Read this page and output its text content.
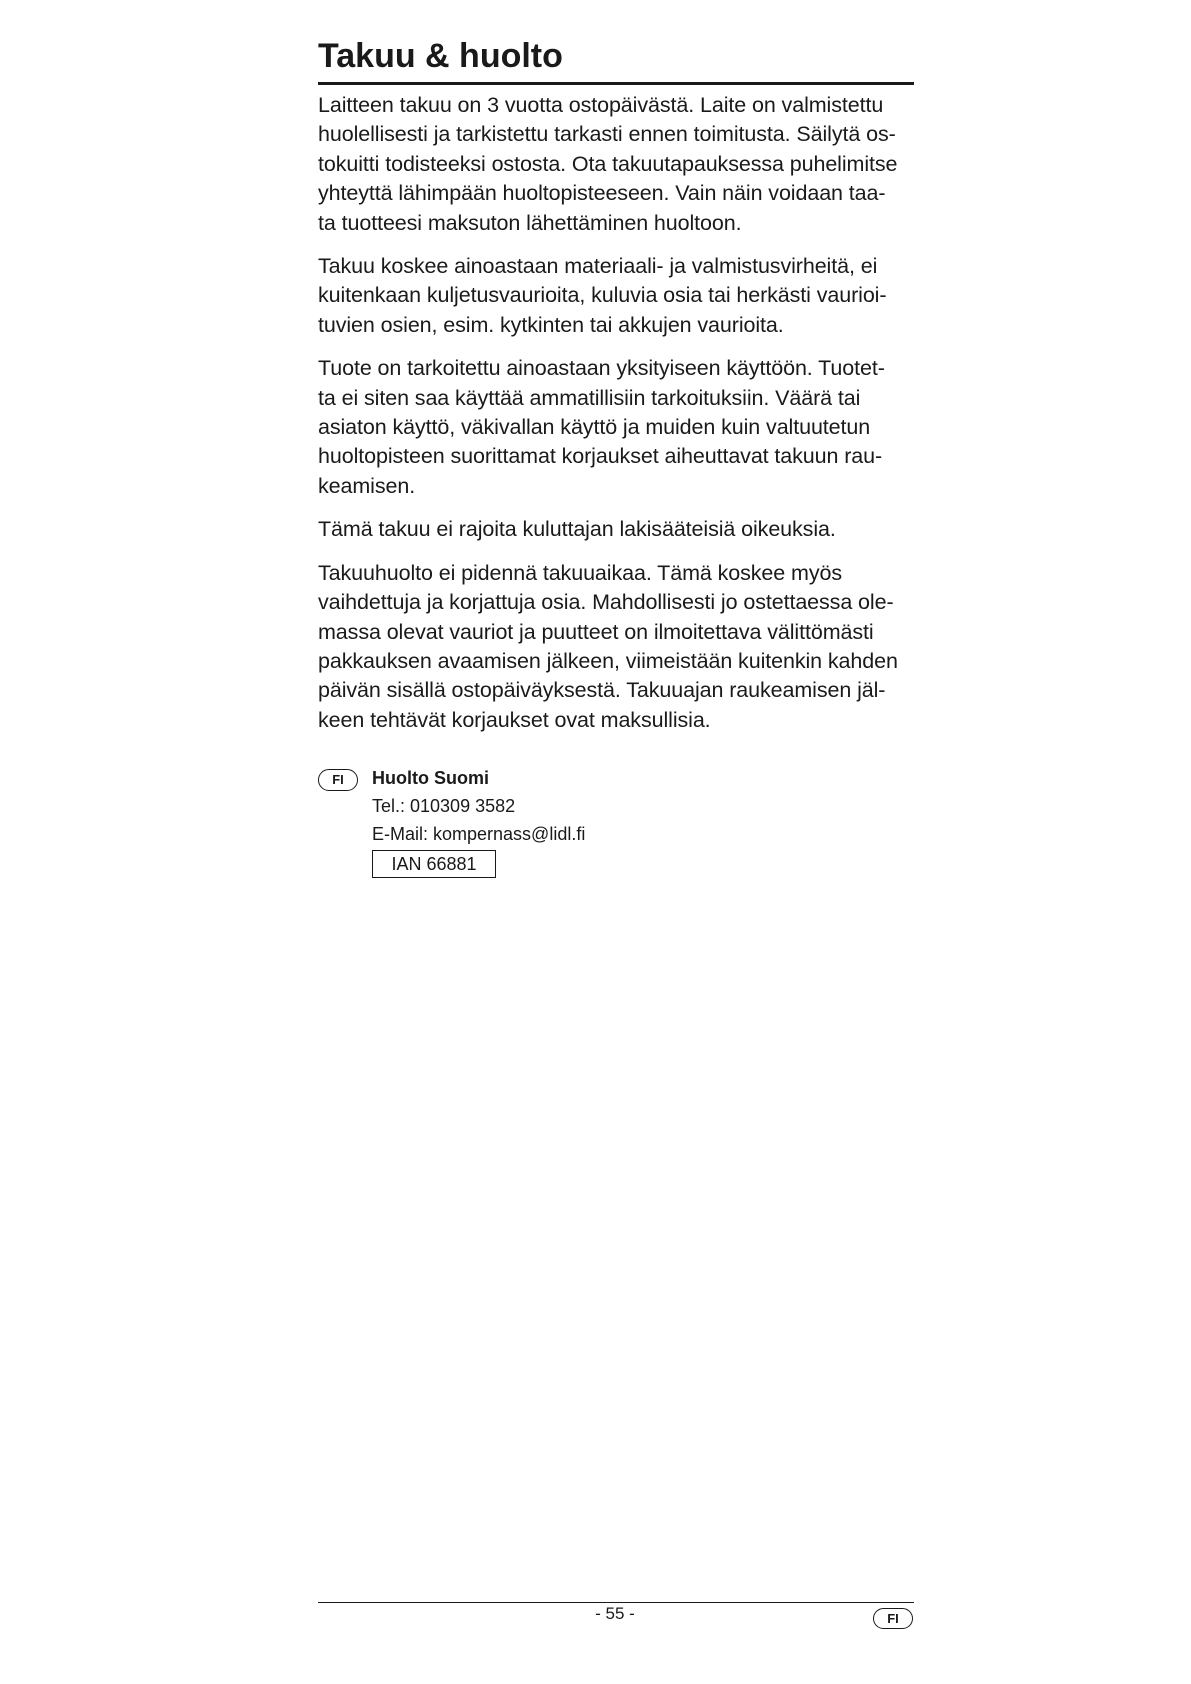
Takuu & huolto

Laitteen takuu on 3 vuotta ostopäivästä. Laite on valmistettu
huolellisesti ja tarkistettu tarkasti ennen toimitusta. Säilytä os-
tokuitti todisteeksi ostosta. Ota takuutapauksessa puhelimitse
yhteyttä lähimpään huoltopisteeseen. Vain näin voidaan taa-
ta tuotteesi maksuton lähettäminen huoltoon.

Takuu koskee ainoastaan materiaali- ja valmistusvirheitä, ei
kuitenkaan kuljetusvaurioita, kuluvia osia tai herkästi vaurioi-
tuvien osien, esim. kytkinten tai akkujen vaurioita.

Tuote on tarkoitettu ainoastaan yksityiseen käyttöön. Tuotet-
ta ei siten saa käyttää ammatillisiin tarkoituksiin. Väärä tai
asiaton käyttö, väkivallan käyttö ja muiden kuin valtuutetun
huoltopisteen suorittamat korjaukset aiheuttavat takuun rau-
keamisen.

Tämä takuu ei rajoita kuluttajan lakisääteisiä oikeuksia.

Takuuhuolto ei pidennä takuuaikaa. Tämä koskee myös
vaihdettuja ja korjattuja osia. Mahdollisesti jo ostettaessa ole-
massa olevat vauriot ja puutteet on ilmoitettava välittömästi
pakkauksen avaamisen jälkeen, viimeistään kuitenkin kahden
päivän sisällä ostopäiväyksestä. Takuuajan raukeamisen jäl-
keen tehtävät korjaukset ovat maksullisia.

FI	Huolto Suomi
Tel.: 010309 3582
E-Mail: kompernass@lidl.fi
IAN 66881
- 55 -	FI
